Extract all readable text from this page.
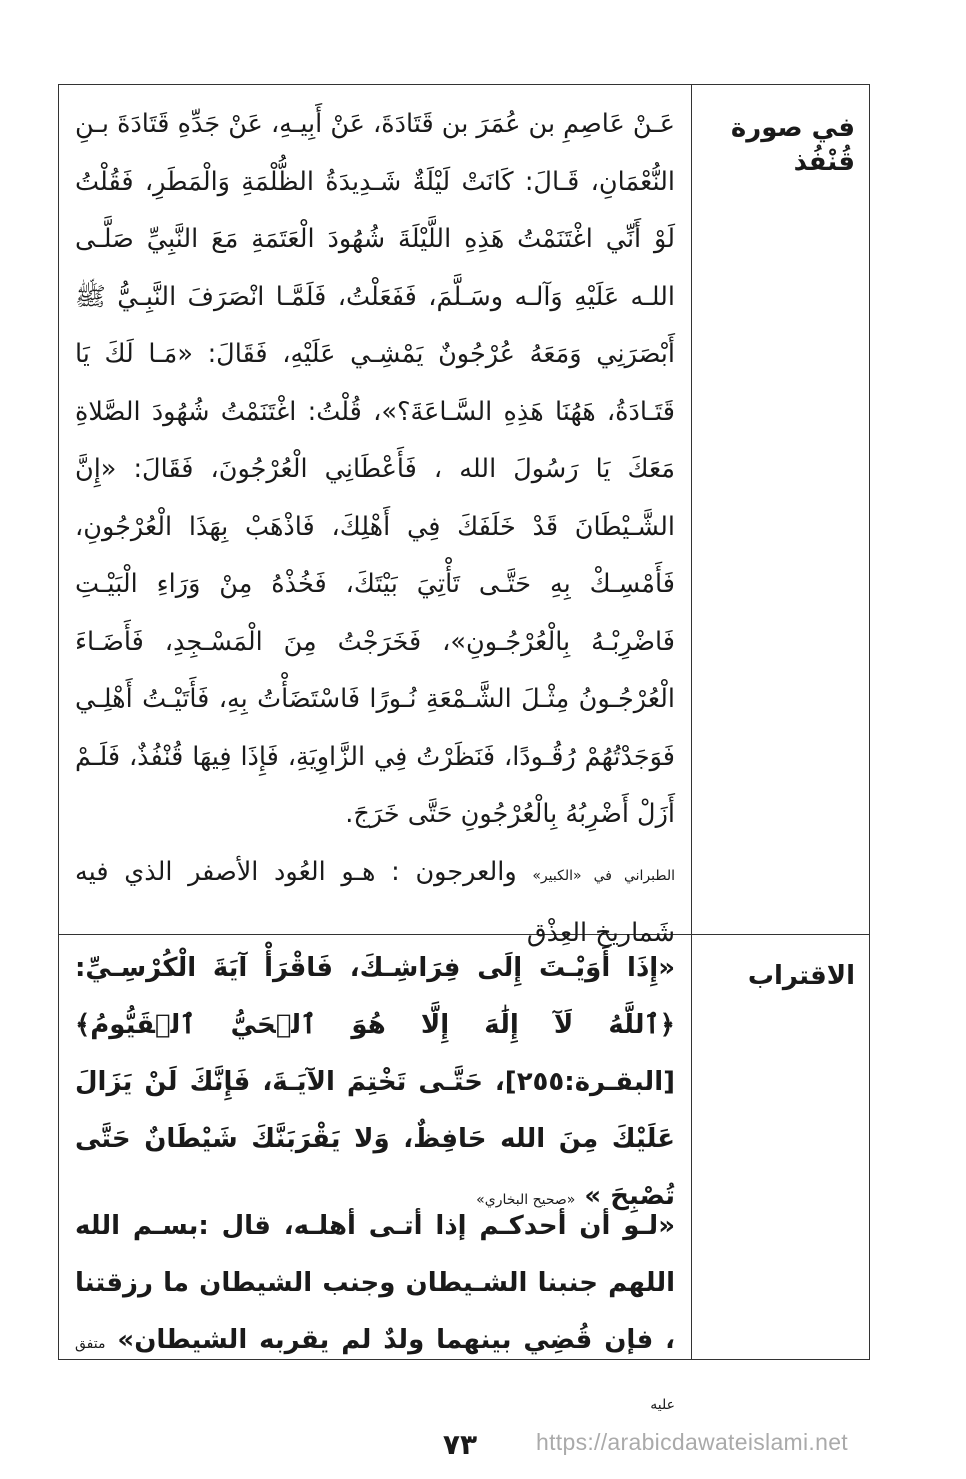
في صورة قُنْفُذ
عَـنْ عَاصِمِ بن عُمَرَ بن قَتَادَةَ، عَنْ أَبِيـهِ، عَنْ جَدِّهِ قَتَادَةَ بـنِ النُّعْمَانِ، قَـالَ: كَانَتْ لَيْلَةٌ شَـدِيدَةُ الظُّلْمَةِ وَالْمَطَرِ، فَقُلْتُ لَوْ أَنِّي اغْتَنَمْتُ هَذِهِ اللَّيْلَةَ شُهُودَ الْعَتَمَةِ مَعَ النَّبِيِّ صَلَّـى اللـه عَلَيْهِ وَآلـه وسَـلَّمَ، فَفَعَلْتُ، فَلَمَّـا انْصَرَفَ النَّبِـيُّ ﷺ أَبْصَرَنِي وَمَعَهُ عُرْجُونٌ يَمْشِـي عَلَيْهِ، فَقَالَ: «مَـا لَكَ يَا قَتَـادَةُ، هَهُنَا هَذِهِ السَّـاعَةَ؟»، قُلْتُ: اغْتَنَمْتُ شُهُودَ الصَّلاةِ مَعَكَ يَا رَسُولَ الله ، فَأَعْطَانِي الْعُرْجُونَ، فَقَالَ: «إِنَّ الشَّـيْطَانَ قَدْ خَلَفَكَ فِي أَهْلِكَ، فَاذْهَبْ بِهَذَا الْعُرْجُونِ، فَأَمْسِـكْ بِهِ حَتَّـى تَأْتِيَ بَيْتَكَ، فَخُذْهُ مِنْ وَرَاءِ الْبَيْـتِ فَاضْرِبْـهُ بِالْعُرْجُـونِ»، فَخَرَجْتُ مِنَ الْمَسْـجِدِ، فَأَضَـاءَ الْعُرْجُـونُ مِثْـلَ الشَّـمْعَةِ نُـورًا فَاسْتَضَأْتُ بِهِ، فَأَتَيْـتُ أَهْلِـي فَوَجَدْتُهُمْ رُقُـودًا، فَنَظَرْتُ فِي الزَّاوِيَةِ، فَإِذَا فِيهَا قُنْفُذٌ، فَلَـمْ أَزَلْ أَضْرِبُهُ بِالْعُرْجُونِ حَتَّى خَرَجَ.
الطبراني في «الكبير» والعرجون : هـو العُود الأصفر الذي فيه شَماريخ العِذْق
الاقتراب
«إِذَا أَوَيْـتَ إِلَى فِرَاشِـكَ، فَاقْرَأْ آيَةَ الْكُرْسِـيِّ: ﴿ٱللَّهُ لَآ إِلَٰهَ إِلَّا هُوَ ٱلۡحَيُّ ٱلۡقَيُّومُ﴾ [البقـرة:٢٥٥]، حَتَّـى تَخْتِمَ الآيَـةَ، فَإِنَّكَ لَنْ يَزَالَ عَلَيْكَ مِنَ الله حَافِظٌ، وَلا يَقْرَبَنَّكَ شَيْطَانٌ حَتَّى تُصْبِحَ » «صحيح البخاري»
«لـو أن أحدكـم إذا أتـى أهلـه، قال :بسـم الله اللهم جنبنا الشـيطان وجنب الشيطان ما رزقتنا ، فإن قُضِي بينهما ولدٌ لم يقربه الشيطان» متفق عليه
٧٣	https://arabicdawateislami.net
